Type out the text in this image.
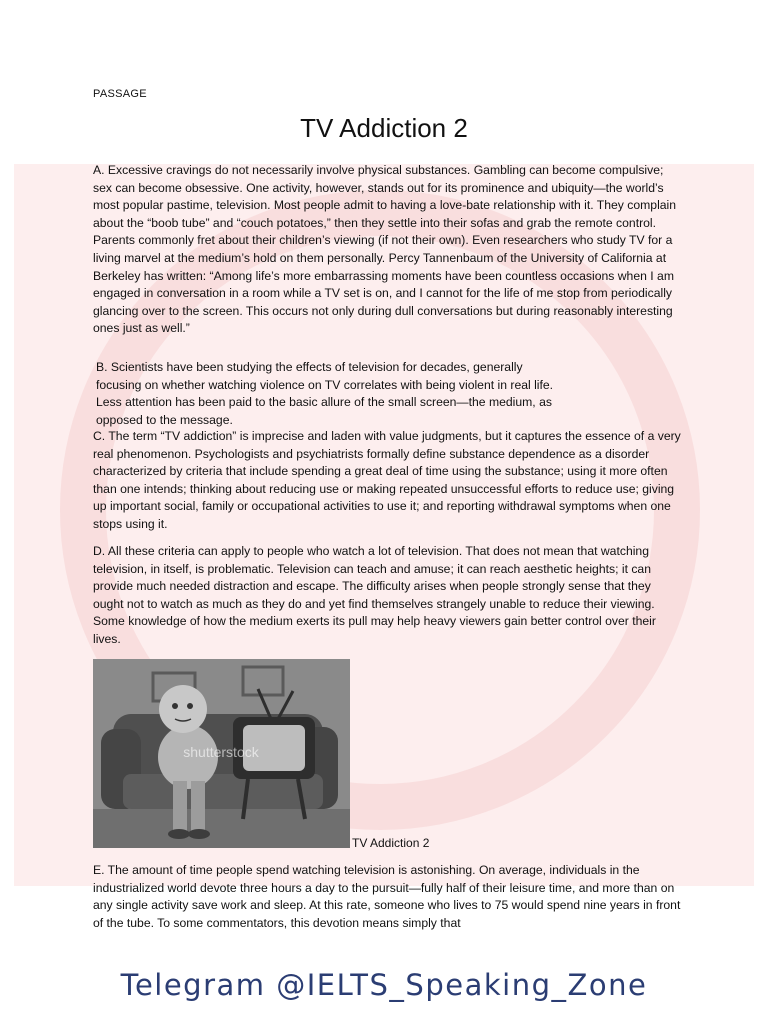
PASSAGE
TV Addiction 2
A. Excessive cravings do not necessarily involve physical substances. Gambling can become compulsive; sex can become obsessive. One activity, however, stands out for its prominence and ubiquity—the world’s most popular pastime, television. Most people admit to having a love-bate relationship with it. They complain about the “boob tube” and “couch potatoes,” then they settle into their sofas and grab the remote control. Parents commonly fret about their children’s viewing (if not their own). Even researchers who study TV for a living marvel at the medium’s hold on them personally. Percy Tannenbaum of the University of California at Berkeley has written: “Among life’s more embarrassing moments have been countless occasions when I am engaged in conversation in a room while a TV set is on, and I cannot for the life of me stop from periodically glancing over to the screen. This occurs not only during dull conversations but during reasonably interesting ones just as well.”
B. Scientists have been studying the effects of television for decades, generally
focusing on whether watching violence on TV correlates with being violent in real life.
Less attention has been paid to the basic allure of the small screen—the medium, as
opposed to the message.
C. The term “TV addiction” is imprecise and laden with value judgments, but it captures the essence of a very real phenomenon. Psychologists and psychiatrists formally define substance dependence as a disorder characterized by criteria that include spending a great deal of time using the substance; using it more often than one intends; thinking about reducing use or making repeated unsuccessful efforts to reduce use; giving up important social, family or occupational activities to use it; and reporting withdrawal symptoms when one stops using it.
D. All these criteria can apply to people who watch a lot of television. That does not mean that watching television, in itself, is problematic. Television can teach and amuse; it can reach aesthetic heights; it can provide much needed distraction and escape. The difficulty arises when people strongly sense that they ought not to watch as much as they do and yet find themselves strangely unable to reduce their viewing. Some knowledge of how the medium exerts its pull may help heavy viewers gain better control over their lives.
shutterstock
TV Addiction 2
E. The amount of time people spend watching television is astonishing. On average, individuals in the industrialized world devote three hours a day to the pursuit—fully half of their leisure time, and more than on any single activity save work and sleep. At this rate, someone who lives to 75 would spend nine years in front of the tube. To some commentators, this devotion means simply that
Telegram @IELTS_Speaking_Zone
